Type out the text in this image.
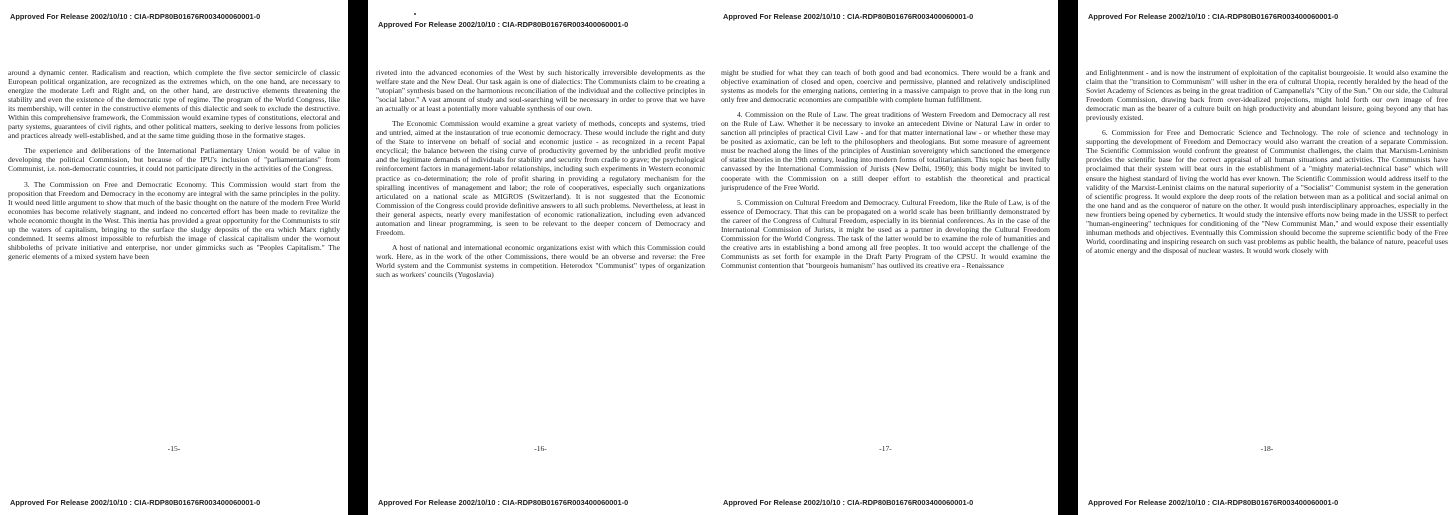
Approved For Release 2002/10/10 : CIA-RDP80B01676R003400060001-0

around a dynamic center. Radicalism and reaction, which complete the five sector semicircle of classic European political organization, are recognized as the extremes which, on the one hand, are necessary to energize the moderate Left and Right and, on the other hand, are destructive elements threatening the stability and even the existence of the democratic type of regime. The program of the World Congress, like its membership, will center in the constructive elements of this dialectic and seek to exclude the destructive. Within this comprehensive framework, the Commission would examine types of constitutions, electoral and party systems, guarantees of civil rights, and other political matters, seeking to derive lessons from policies and practices already well-established, and at the same time guiding those in the formative stages.

The experience and deliberations of the International Parliamentary Union would be of value in developing the political Commission, but because of the IPU's inclusion of "parliamentarians" from Communist, i.e. non-democratic countries, it could not participate directly in the activities of the Congress.

3. The Commission on Free and Democratic Economy. This Commission would start from the proposition that Freedom and Democracy in the economy are integral with the same principles in the polity. It would need little argument to show that much of the basic thought on the nature of the modern Free World economies has become relatively stagnant, and indeed no concerted effort has been made to revitalize the whole economic thought in the West. This inertia has provided a great opportunity for the Communists to stir up the waters of capitalism, bringing to the surface the sludgy deposits of the era which Marx rightly condemned. It seems almost impossible to refurbish the image of classical capitalism under the wornout shibboleths of private initiative and enterprise, nor under gimmicks such as "Peoples Capitalism." The generic elements of a mixed system have been

-15-
Approved For Release 2002/10/10 : CIA-RDP80B01676R003400060001-0
Approved For Release 2002/10/10 : CIA-RDP80B01676R003400060001-0

riveted into the advanced economies of the West by such historically irreversible developments as the welfare state and the New Deal. Our task again is one of dialectics: The Communists claim to be creating a "utopian" synthesis based on the harmonious reconciliation of the individual and the collective principles in "social labor." A vast amount of study and soul-searching will be necessary in order to prove that we have an actually or at least a potentially more valuable synthesis of our own.

The Economic Commission would examine a great variety of methods, concepts and systems, tried and untried, aimed at the instauration of true economic democracy. These would include the right and duty of the State to intervene on behalf of social and economic justice - as recognized in a recent Papal encyclical; the balance between the rising curve of productivity governed by the unbridled profit motive and the legitimate demands of individuals for stability and security from cradle to grave; the psychological reinforcement factors in management-labor relationships, including such experiments in Western economic practice as co-determination; the role of profit sharing in providing a regulatory mechanism for the spiralling incentives of management and labor; the role of cooperatives, especially such organizations articulated on a national scale as MIGROS (Switzerland). It is not suggested that the Economic Commission of the Congress could provide definitive answers to all such problems. Nevertheless, at least in their general aspects, nearly every manifestation of economic rationalization, including even advanced automation and linear programming, is seen to be relevant to the deeper concern of Democracy and Freedom.

A host of national and international economic organizations exist with which this Commission could work. Here, as in the work of the other Commissions, there would be an obverse and reverse: the Free World system and the Communist systems in competition. Heterodox "Communist" types of organization such as workers' councils (Yugoslavia)

-16-
Approved For Release 2002/10/10 : CIA-RDP80B01676R003400060001-0
Approved For Release 2002/10/10 : CIA-RDP80B01676R003400060001-0

might be studied for what they can teach of both good and bad economics. There would be a frank and objective examination of closed and open, coercive and permissive, planned and relatively undisciplined systems as models for the emerging nations, centering in a massive campaign to prove that in the long run only free and democratic economies are compatible with complete human fulfillment.

4. Commission on the Rule of Law. The great traditions of Western Freedom and Democracy all rest on the Rule of Law. Whether it be necessary to invoke an antecedent Divine or Natural Law in order to sanction all principles of practical Civil Law - and for that matter international law - or whether these may be posited as axiomatic, can be left to the philosophers and theologians. But some measure of agreement must be reached along the lines of the principles of Austinian sovereignty which sanctioned the emergence of statist theories in the 19th century, leading into modern forms of totalitarianism. This topic has been fully canvassed by the International Commission of Jurists (New Delhi, 1960); this body might be invited to cooperate with the Commission on a still deeper effort to establish the theoretical and practical jurisprudence of the Free World.

5. Commission on Cultural Freedom and Democracy. Cultural Freedom, like the Rule of Law, is of the essence of Democracy. That this can be propagated on a world scale has been brilliantly demonstrated by the career of the Congress of Cultural Freedom, especially in its biennial conferences. As in the case of the International Commission of Jurists, it might be used as a partner in developing the Cultural Freedom Commission for the World Congress. The task of the latter would be to examine the role of humanities and the creative arts in establishing a bond among all free peoples. It too would accept the challenge of the Communists as set forth for example in the Draft Party Program of the CPSU. It would examine the Communist contention that "bourgeois humanism" has outlived its creative era - Renaissance

-17-
Approved For Release 2002/10/10 : CIA-RDP80B01676R003400060001-0
Approved For Release 2002/10/10 : CIA-RDP80B01676R003400060001-0

and Enlightenment - and is now the instrument of exploitation of the capitalist bourgeoisie. It would also examine the claim that the "transition to Communism" will usher in the era of cultural Utopia, recently heralded by the head of the Soviet Academy of Sciences as being in the great tradition of Campanella's "City of the Sun." On our side, the Cultural Freedom Commission, drawing back from over-idealized projections, might hold forth our own image of free democratic man as the bearer of a culture built on high productivity and abundant leisure, going beyond any that has previously existed.

6. Commission for Free and Democratic Science and Technology. The role of science and technology in supporting the development of Freedom and Democracy would also warrant the creation of a separate Commission. The Scientific Commission would confront the greatest of Communist challenges, the claim that Marxism-Leninism provides the scientific base for the correct appraisal of all human situations and activities. The Communists have proclaimed that their system will beat ours in the establishment of a "mighty material-technical base" which will ensure the highest standard of living the world has ever known. The Scientific Commission would address itself to the validity of the Marxist-Leninist claims on the natural superiority of a "Socialist" Communist system in the generation of scientific progress. It would explore the deep roots of the relation between man as a political and social animal on the one hand and as the conqueror of nature on the other. It would push interdisciplinary approaches, especially in the new frontiers being opened by cybernetics. It would study the intensive efforts now being made in the USSR to perfect "human-engineering" techniques for conditioning of the "New Communist Man," and would expose their essentially inhuman methods and objectives. Eventually this Commission should become the supreme scientific body of the Free World, coordinating and inspiring research on such vast problems as public health, the balance of nature, peaceful uses of atomic energy and the disposal of nuclear wastes. It would work closely with

-18-
Approved For Release 2002/10/10 : CIA-RDP80B01676R003400060001-0
